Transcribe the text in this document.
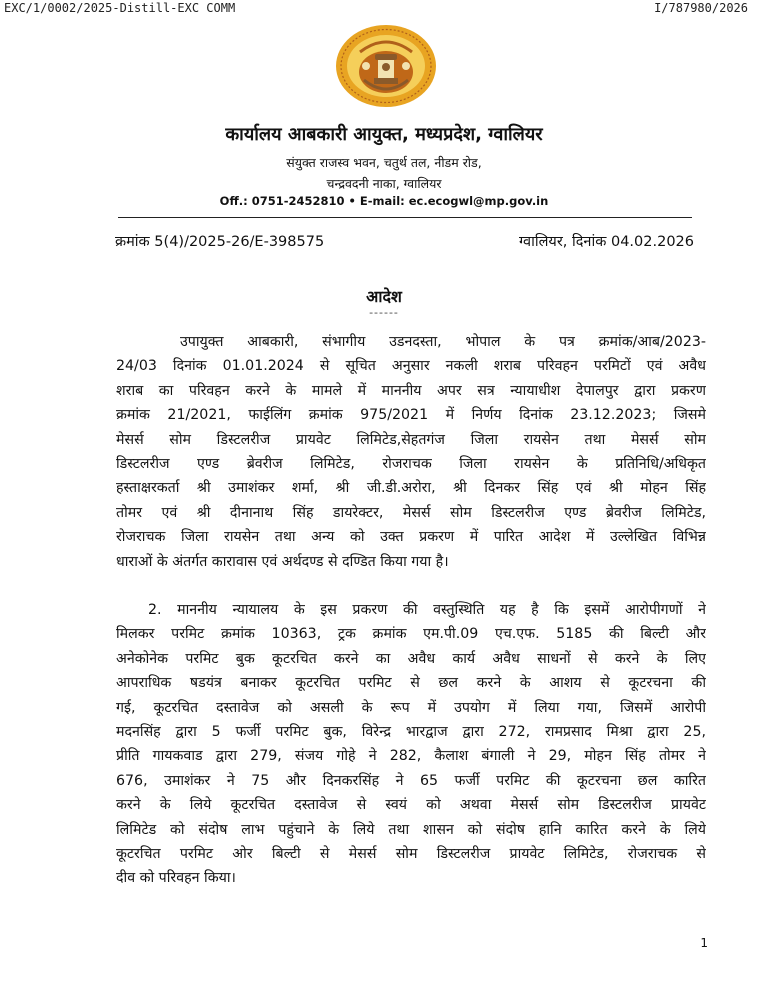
EXC/1/0002/2025-Distill-EXC COMM	I/787980/2026
कार्यालय आबकारी आयुक्त, मध्यप्रदेश, ग्वालियर
संयुक्त राजस्व भवन, चतुर्थ तल, नीडम रोड,
चन्द्रवदनी नाका, ग्वालियर
Off.: 0751-2452810 • E-mail: ec.ecogwl@mp.gov.in
क्रमांक 5(4)/2025-26/E-398575	ग्वालियर, दिनांक 04.02.2026
आदेश
------
उपायुक्त आबकारी, संभागीय उडनदस्ता, भोपाल के पत्र क्रमांक/आब/2023-
24/03 दिनांक 01.01.2024 से सूचित अनुसार नकली शराब परिवहन परमिटों एवं अवैध
शराब का परिवहन करने के मामले में माननीय अपर सत्र न्यायाधीश देपालपुर द्वारा प्रकरण
क्रमांक 21/2021, फाईलिंग क्रमांक 975/2021 में निर्णय दिनांक 23.12.2023; जिसमे
मेसर्स सोम डिस्टलरीज प्रायवेट लिमिटेड,सेहतगंज जिला रायसेन तथा मेसर्स सोम
डिस्टलरीज एण्ड ब्रेवरीज लिमिटेड, रोजराचक जिला रायसेन के प्रतिनिधि/अधिकृत
हस्ताक्षरकर्ता श्री उमाशंकर शर्मा, श्री जी.डी.अरोरा, श्री दिनकर सिंह एवं श्री मोहन सिंह
तोमर एवं श्री दीनानाथ सिंह डायरेक्टर, मेसर्स सोम डिस्टलरीज एण्ड ब्रेवरीज लिमिटेड,
रोजराचक जिला रायसेन तथा अन्य को उक्त प्रकरण में पारित आदेश में उल्लेखित विभिन्न
धाराओं के अंतर्गत कारावास एवं अर्थदण्ड से दण्डित किया गया है।
2. माननीय न्यायालय के इस प्रकरण की वस्तुस्थिति यह है कि इसमें आरोपीगणों ने
मिलकर परमिट क्रमांक 10363, ट्रक क्रमांक एम.पी.09 एच.एफ. 5185 की बिल्टी और
अनेकोनेक परमिट बुक कूटरचित करने का अवैध कार्य अवैध साधनों से करने के लिए
आपराधिक षडयंत्र बनाकर कूटरचित परमिट से छल करने के आशय से कूटरचना की
गई, कूटरचित दस्तावेज को असली के रूप में उपयोग में लिया गया, जिसमें आरोपी
मदनसिंह द्वारा 5 फर्जी परमिट बुक, विरेन्द्र भारद्वाज द्वारा 272, रामप्रसाद मिश्रा द्वारा 25,
प्रीति गायकवाड द्वारा 279, संजय गोहे ने 282, कैलाश बंगाली ने 29, मोहन सिंह तोमर ने
676, उमाशंकर ने 75 और दिनकरसिंह ने 65 फर्जी परमिट की कूटरचना छल कारित
करने के लिये कूटरचित दस्तावेज से स्वयं को अथवा मेसर्स सोम डिस्टलरीज प्रायवेट
लिमिटेड को संदोष लाभ पहुंचाने के लिये तथा शासन को संदोष हानि कारित करने के लिये
कूटरचित परमिट ओर बिल्टी से मेसर्स सोम डिस्टलरीज प्रायवेट लिमिटेड, रोजराचक से
दीव को परिवहन किया।
1
